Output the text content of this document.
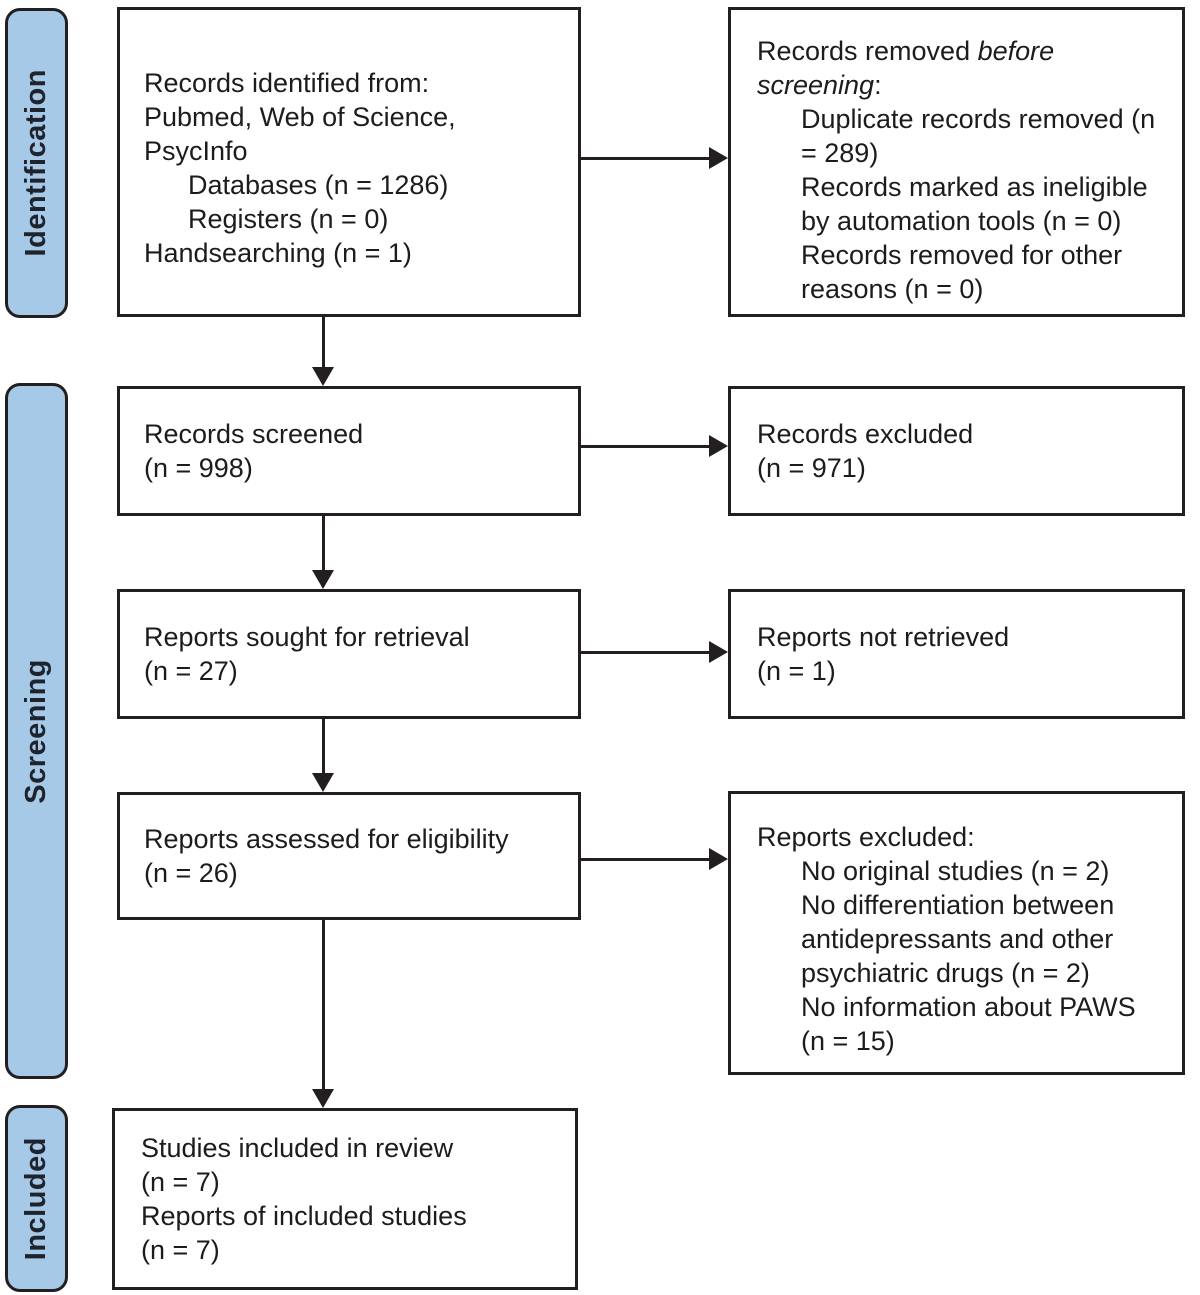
Identification
Screening
Included
Records identified from:
Pubmed, Web of Science,
PsycInfo
Databases (n = 1286)
Registers (n = 0)
Handsearching (n = 1)
Records removed before
screening:
Duplicate records removed (n
= 289)
Records marked as ineligible
by automation tools (n = 0)
Records removed for other
reasons (n = 0)
Records screened
(n = 998)
Records excluded
(n = 971)
Reports sought for retrieval
(n = 27)
Reports not retrieved
(n = 1)
Reports assessed for eligibility
(n = 26)
Reports excluded:
No original studies (n = 2)
No differentiation between
antidepressants and other
psychiatric drugs (n = 2)
No information about PAWS
(n = 15)
Studies included in review
(n = 7)
Reports of included studies
(n = 7)
